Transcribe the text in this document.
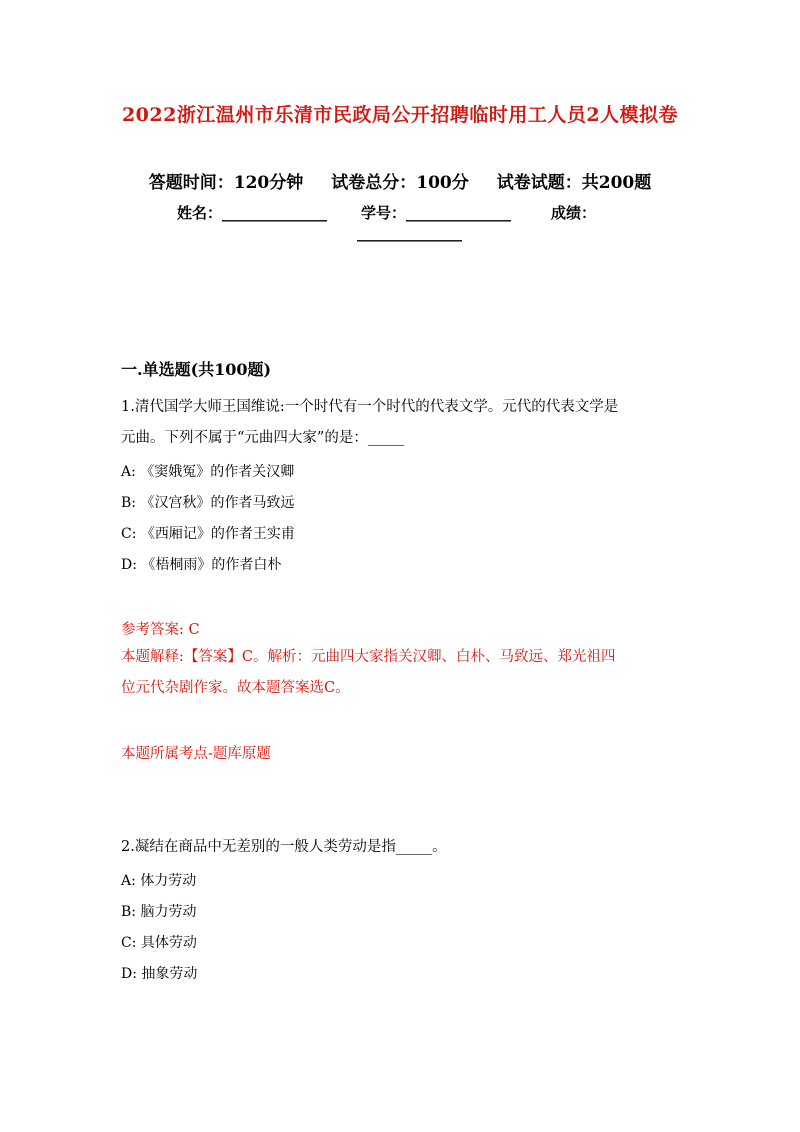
2022浙江温州市乐清市民政局公开招聘临时用工人员2人模拟卷
答题时间：120分钟 试卷总分：100分 试卷试题：共200题
姓名：______________ 学号：______________	成绩：
______________
一.单选题(共100题)
1.清代国学大师王国维说:一个时代有一个时代的代表文学。元代的代表文学是
元曲。下列不属于“元曲四大家”的是：_____
A: 《窦娥冤》的作者关汉卿
B: 《汉宫秋》的作者马致远
C: 《西厢记》的作者王实甫
D: 《梧桐雨》的作者白朴
参考答案: C
本题解释:【答案】C。解析：元曲四大家指关汉卿、白朴、马致远、郑光祖四
位元代杂剧作家。故本题答案选C。
本题所属考点-题库原题
2.凝结在商品中无差别的一般人类劳动是指_____。
A: 体力劳动
B: 脑力劳动
C: 具体劳动
D: 抽象劳动
